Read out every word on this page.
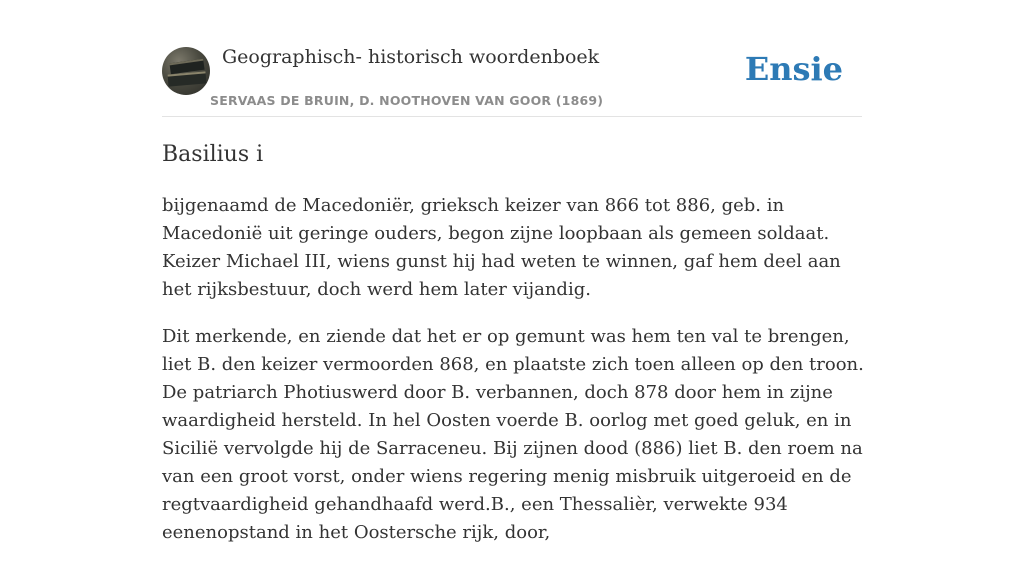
Geographisch- historisch woordenboek
SERVAAS DE BRUIN, D. NOOTHOVEN VAN GOOR (1869)
Ensie
Basilius i

bijgenaamd de Macedoniër, grieksch keizer van 866 tot 886, geb. in Macedonië uit geringe ouders, begon zijne loopbaan als gemeen soldaat. Keizer Michael III, wiens gunst hij had weten te winnen, gaf hem deel aan het rijksbestuur, doch werd hem later vijandig.

Dit merkende, en ziende dat het er op gemunt was hem ten val te brengen, liet B. den keizer vermoorden 868, en plaatste zich toen alleen op den troon. De patriarch Photiuswerd door B. verbannen, doch 878 door hem in zijne waardigheid hersteld. In hel Oosten voerde B. oorlog met goed geluk, en in Sicilië vervolgde hij de Sarraceneu. Bij zijnen dood (886) liet B. den roem na van een groot vorst, onder wiens regering menig misbruik uitgeroeid en de regtvaardigheid gehandhaafd werd.B., een Thessalièr, verwekte 934 eenenopstand in het Oostersche rijk, door,
